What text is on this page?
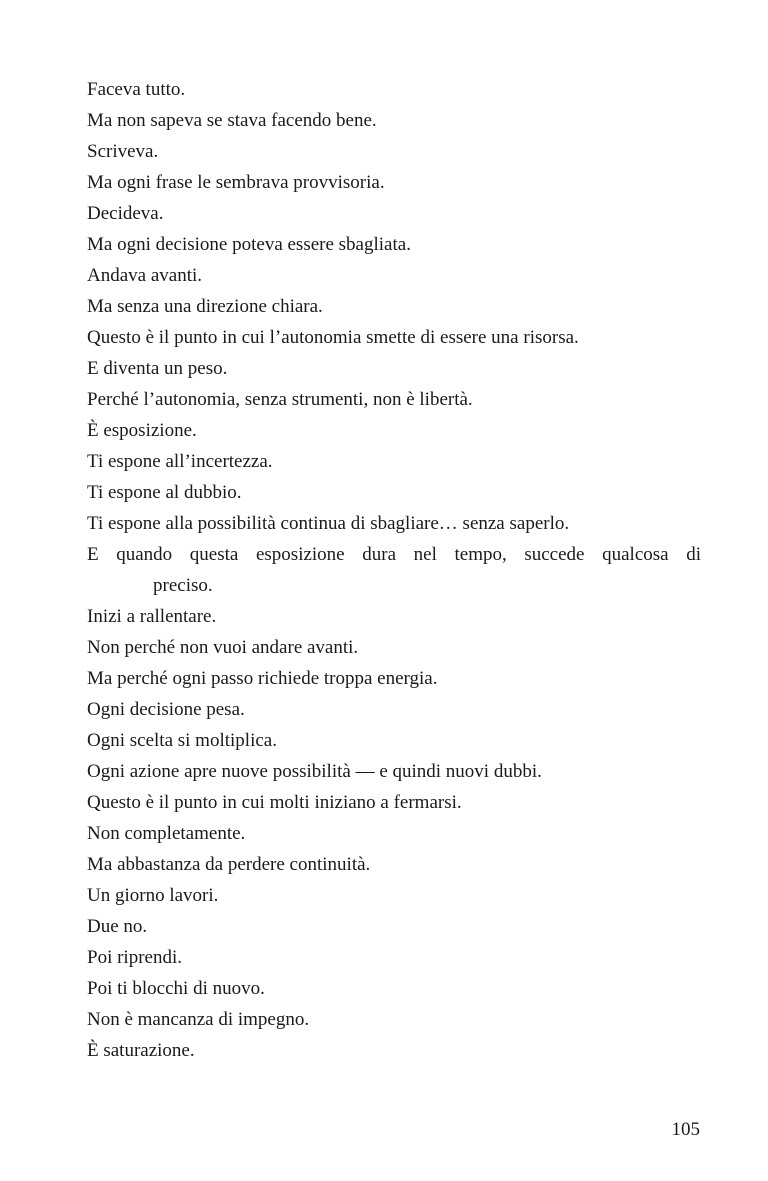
Faceva tutto.
Ma non sapeva se stava facendo bene.
Scriveva.
Ma ogni frase le sembrava provvisoria.
Decideva.
Ma ogni decisione poteva essere sbagliata.
Andava avanti.
Ma senza una direzione chiara.
Questo è il punto in cui l’autonomia smette di essere una risorsa.
E diventa un peso.
Perché l’autonomia, senza strumenti, non è libertà.
È esposizione.
Ti espone all’incertezza.
Ti espone al dubbio.
Ti espone alla possibilità continua di sbagliare… senza saperlo.
E quando questa esposizione dura nel tempo, succede qualcosa di
preciso.
Inizi a rallentare.
Non perché non vuoi andare avanti.
Ma perché ogni passo richiede troppa energia.
Ogni decisione pesa.
Ogni scelta si moltiplica.
Ogni azione apre nuove possibilità — e quindi nuovi dubbi.
Questo è il punto in cui molti iniziano a fermarsi.
Non completamente.
Ma abbastanza da perdere continuità.
Un giorno lavori.
Due no.
Poi riprendi.
Poi ti blocchi di nuovo.
Non è mancanza di impegno.
È saturazione.
105
